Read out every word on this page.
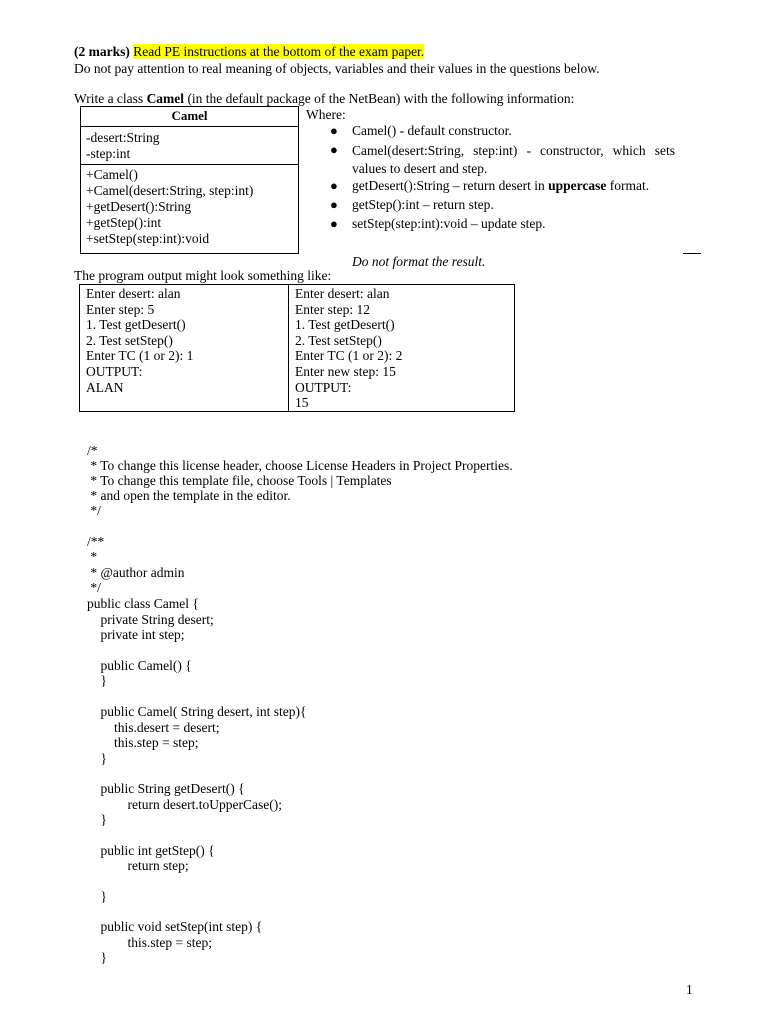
(2 marks) Read PE instructions at the bottom of the exam paper.
Do not pay attention to real meaning of objects, variables and their values in the questions below.
Write a class Camel (in the default package of the NetBean) with the following information:
Camel
-desert:String
-step:int
+Camel()
+Camel(desert:String, step:int)
+getDesert():String
+getStep():int
+setStep(step:int):void
Where:
● Camel() - default constructor.
● Camel(desert:String, step:int) - constructor, which sets values to desert and step.
● getDesert():String – return desert in uppercase format.
● getStep():int – return step.
● setStep(step:int):void – update step.
Do not format the result.
The program output might look something like:
Enter desert: alan
Enter step: 5
1. Test getDesert()
2. Test setStep()
Enter TC (1 or 2): 1
OUTPUT:
ALAN
Enter desert: alan
Enter step: 12
1. Test getDesert()
2. Test setStep()
Enter TC (1 or 2): 2
Enter new step: 15
OUTPUT:
15
/*
* To change this license header, choose License Headers in Project Properties.
* To change this template file, choose Tools | Templates
* and open the template in the editor.
*/
/**
*
* @author admin
*/
public class Camel {
private String desert;
private int step;
public Camel() {
}
public Camel( String desert, int step){
this.desert = desert;
this.step = step;
}
public String getDesert() {
return desert.toUpperCase();
}
public int getStep() {
return step;
}
public void setStep(int step) {
this.step = step;
}
1
